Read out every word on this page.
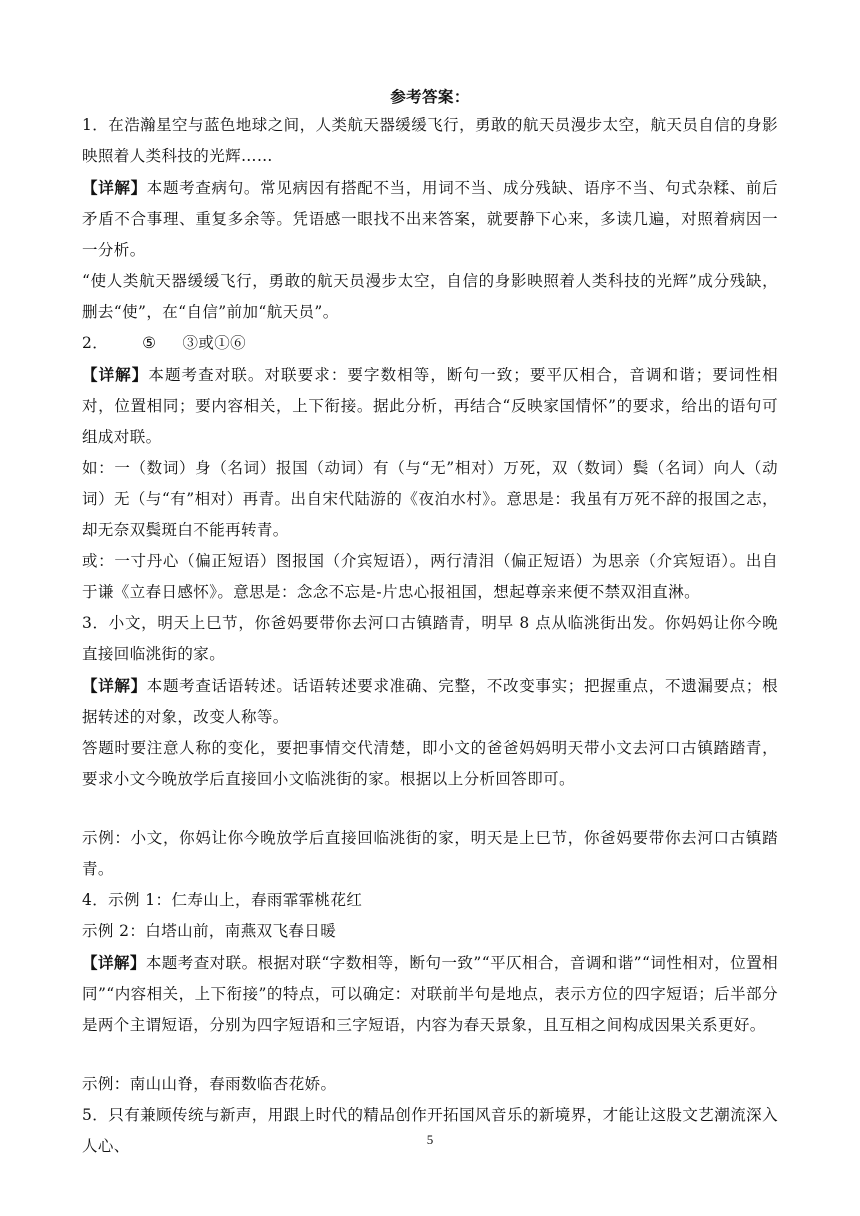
参考答案：

1．在浩瀚星空与蓝色地球之间，人类航天器缓缓飞行，勇敢的航天员漫步太空，航天员自信的身影映照着人类科技的光辉……

【详解】本题考查病句。常见病因有搭配不当，用词不当、成分残缺、语序不当、句式杂糅、前后矛盾不合事理、重复多余等。凭语感一眼找不出来答案，就要静下心来，多读几遍，对照着病因一一分析。

“使人类航天器缓缓飞行，勇敢的航天员漫步太空，自信的身影映照着人类科技的光辉”成分残缺，删去“使”，在“自信”前加“航天员”。

2． ⑤ ③或①⑥

【详解】本题考查对联。对联要求：要字数相等，断句一致；要平仄相合，音调和谐；要词性相对，位置相同；要内容相关，上下衔接。据此分析，再结合“反映家国情怀”的要求，给出的语句可组成对联。

如：一（数词）身（名词）报国（动词）有（与“无”相对）万死，双（数词）鬓（名词）向人（动词）无（与“有”相对）再青。出自宋代陆游的《夜泊水村》。意思是：我虽有万死不辞的报国之志，却无奈双鬓斑白不能再转青。

或：一寸丹心（偏正短语）图报国（介宾短语），两行清泪（偏正短语）为思亲（介宾短语）。出自于谦《立春日感怀》。意思是：念念不忘是-片忠心报祖国，想起尊亲来便不禁双泪直淋。

3．小文，明天上巳节，你爸妈要带你去河口古镇踏青，明早 8 点从临洮街出发。你妈妈让你今晚直接回临洮街的家。

【详解】本题考查话语转述。话语转述要求准确、完整，不改变事实；把握重点，不遗漏要点；根据转述的对象，改变人称等。

答题时要注意人称的变化，要把事情交代清楚，即小文的爸爸妈妈明天带小文去河口古镇踏踏青，要求小文今晚放学后直接回小文临洮街的家。根据以上分析回答即可。

示例：小文，你妈让你今晚放学后直接回临洮街的家，明天是上巳节，你爸妈要带你去河口古镇踏青。

4．示例 1：仁寿山上，春雨霏霏桃花红

示例 2：白塔山前，南燕双飞春日暖

【详解】本题考查对联。根据对联“字数相等，断句一致”“平仄相合，音调和谐”“词性相对，位置相同”“内容相关，上下衔接”的特点，可以确定：对联前半句是地点，表示方位的四字短语；后半部分是两个主谓短语，分别为四字短语和三字短语，内容为春天景象，且互相之间构成因果关系更好。

示例：南山山脊，春雨数临杏花娇。

5．只有兼顾传统与新声，用跟上时代的精品创作开拓国风音乐的新境界，才能让这股文艺潮流深入人心、	5
